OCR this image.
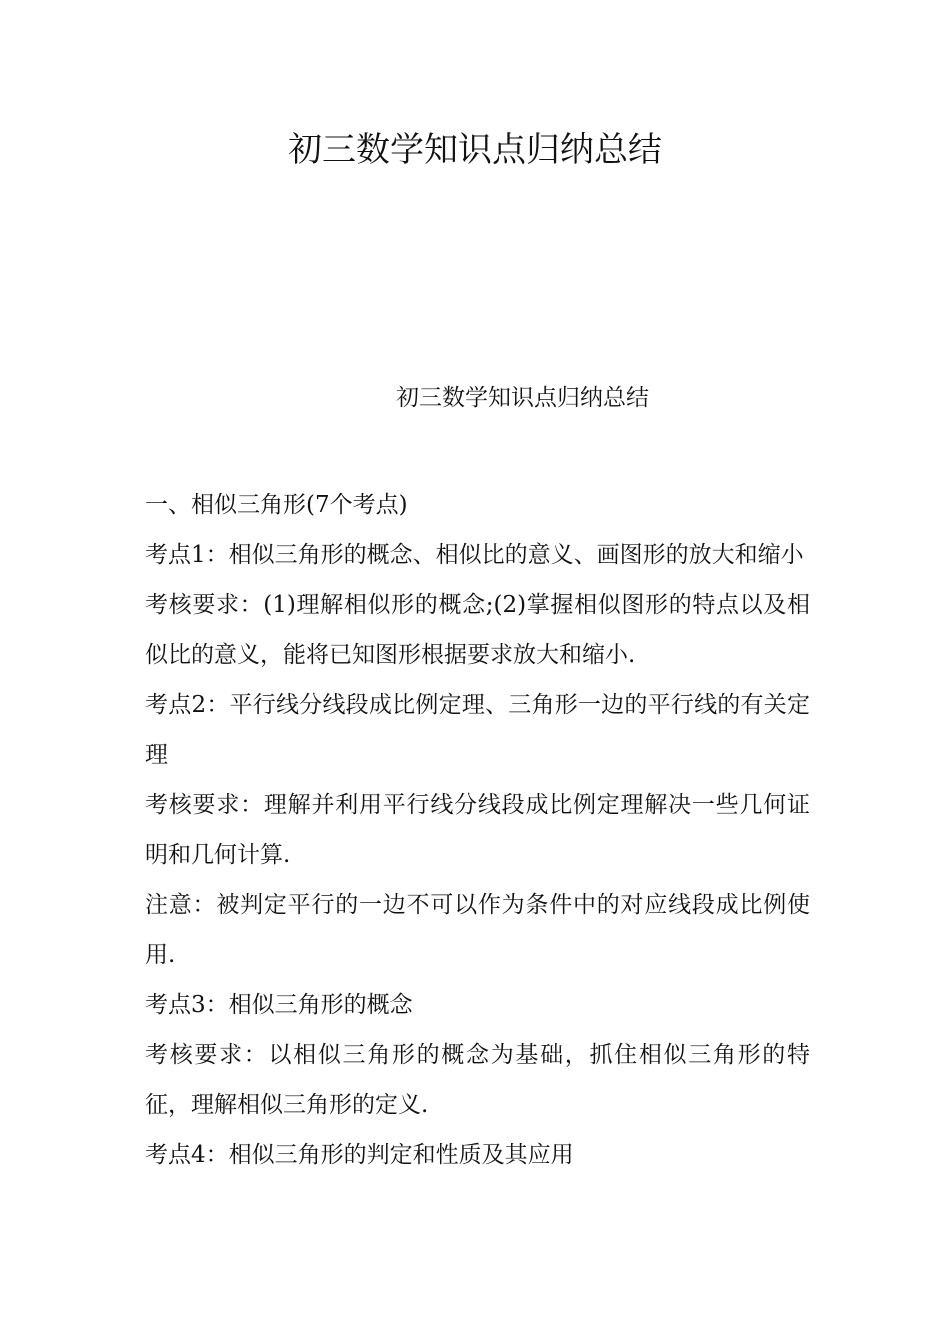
初三数学知识点归纳总结
初三数学知识点归纳总结

一、相似三角形(7个考点)

考点1：相似三角形的概念、相似比的意义、画图形的放大和缩小

考核要求：(1)理解相似形的概念;(2)掌握相似图形的特点以及相似比的意义，能将已知图形根据要求放大和缩小.

考点2：平行线分线段成比例定理、三角形一边的平行线的有关定理

考核要求：理解并利用平行线分线段成比例定理解决一些几何证明和几何计算.

注意：被判定平行的一边不可以作为条件中的对应线段成比例使用.

考点3：相似三角形的概念

考核要求：以相似三角形的概念为基础，抓住相似三角形的特征，理解相似三角形的定义.

考点4：相似三角形的判定和性质及其应用
